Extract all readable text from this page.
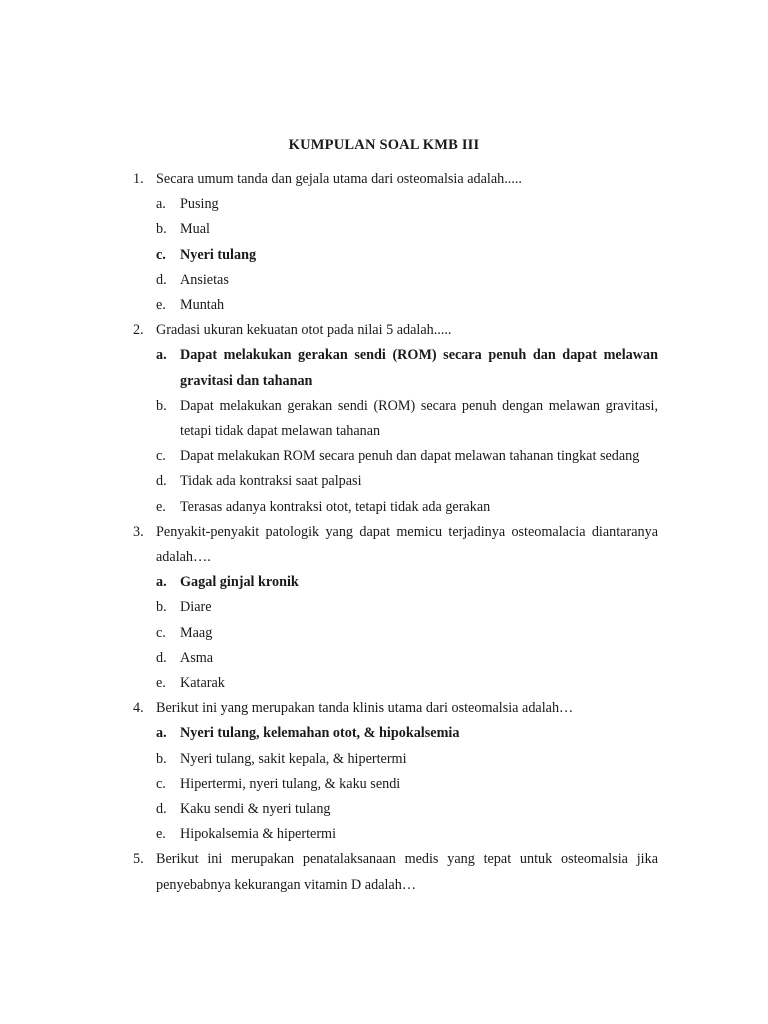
KUMPULAN SOAL KMB III
1. Secara umum tanda dan gejala utama dari osteomalsia adalah.....
a. Pusing
b. Mual
c. Nyeri tulang
d. Ansietas
e. Muntah
2. Gradasi ukuran kekuatan otot pada nilai 5 adalah.....
a. Dapat melakukan gerakan sendi (ROM) secara penuh dan dapat melawan gravitasi dan tahanan
b. Dapat melakukan gerakan sendi (ROM) secara penuh dengan melawan gravitasi, tetapi tidak dapat melawan tahanan
c. Dapat melakukan ROM secara penuh dan dapat melawan tahanan tingkat sedang
d. Tidak ada kontraksi saat palpasi
e. Terasas adanya kontraksi otot, tetapi tidak ada gerakan
3. Penyakit-penyakit patologik yang dapat memicu terjadinya osteomalacia diantaranya adalah….
a. Gagal ginjal kronik
b. Diare
c. Maag
d. Asma
e. Katarak
4. Berikut ini yang merupakan tanda klinis utama dari osteomalsia adalah…
a. Nyeri tulang, kelemahan otot, & hipokalsemia
b. Nyeri tulang, sakit kepala, & hipertermi
c. Hipertermi, nyeri tulang, & kaku sendi
d. Kaku sendi & nyeri tulang
e. Hipokalsemia & hipertermi
5. Berikut ini merupakan penatalaksanaan medis yang tepat untuk osteomalsia jika penyebabnya kekurangan vitamin D adalah…
